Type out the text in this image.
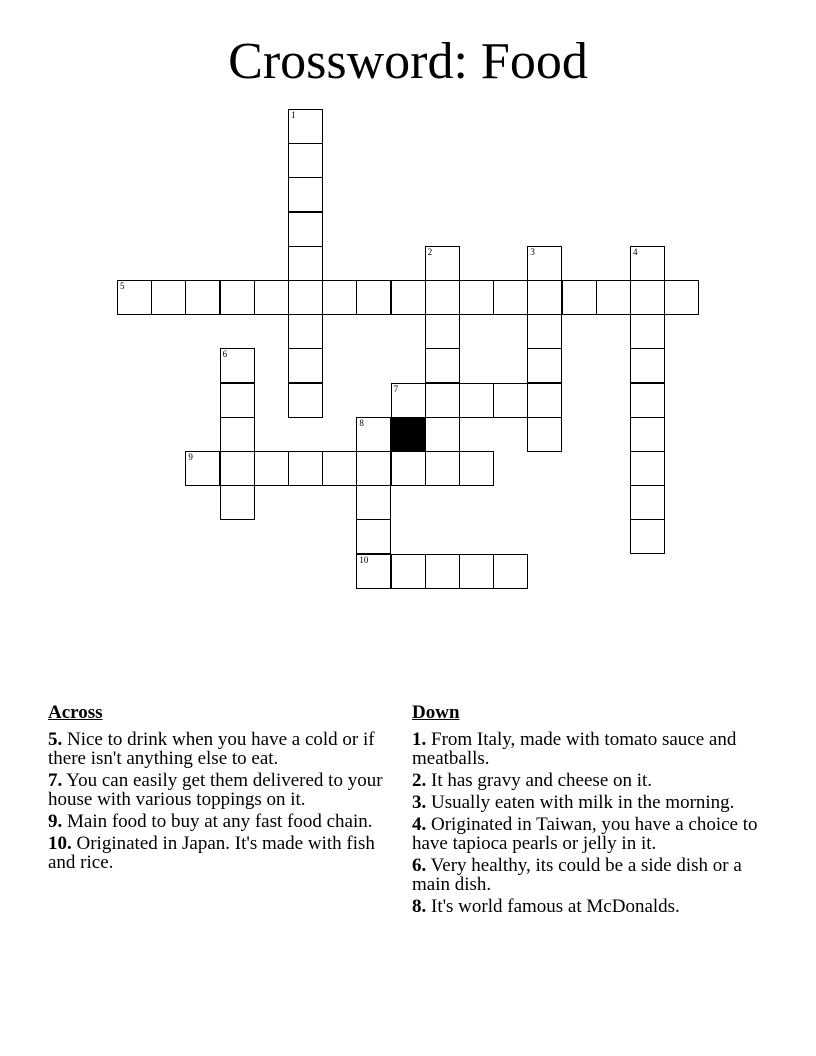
Crossword: Food
1
2	3	4
5
6
7
8
9
10
Across
5. Nice to drink when you have a cold or if there isn't anything else to eat.
7. You can easily get them delivered to your house with various toppings on it.
9. Main food to buy at any fast food chain.
10. Originated in Japan. It's made with fish and rice.
Down
1. From Italy, made with tomato sauce and meatballs.
2. It has gravy and cheese on it.
3. Usually eaten with milk in the morning.
4. Originated in Taiwan, you have a choice to have tapioca pearls or jelly in it.
6. Very healthy, its could be a side dish or a main dish.
8. It's world famous at McDonalds.
